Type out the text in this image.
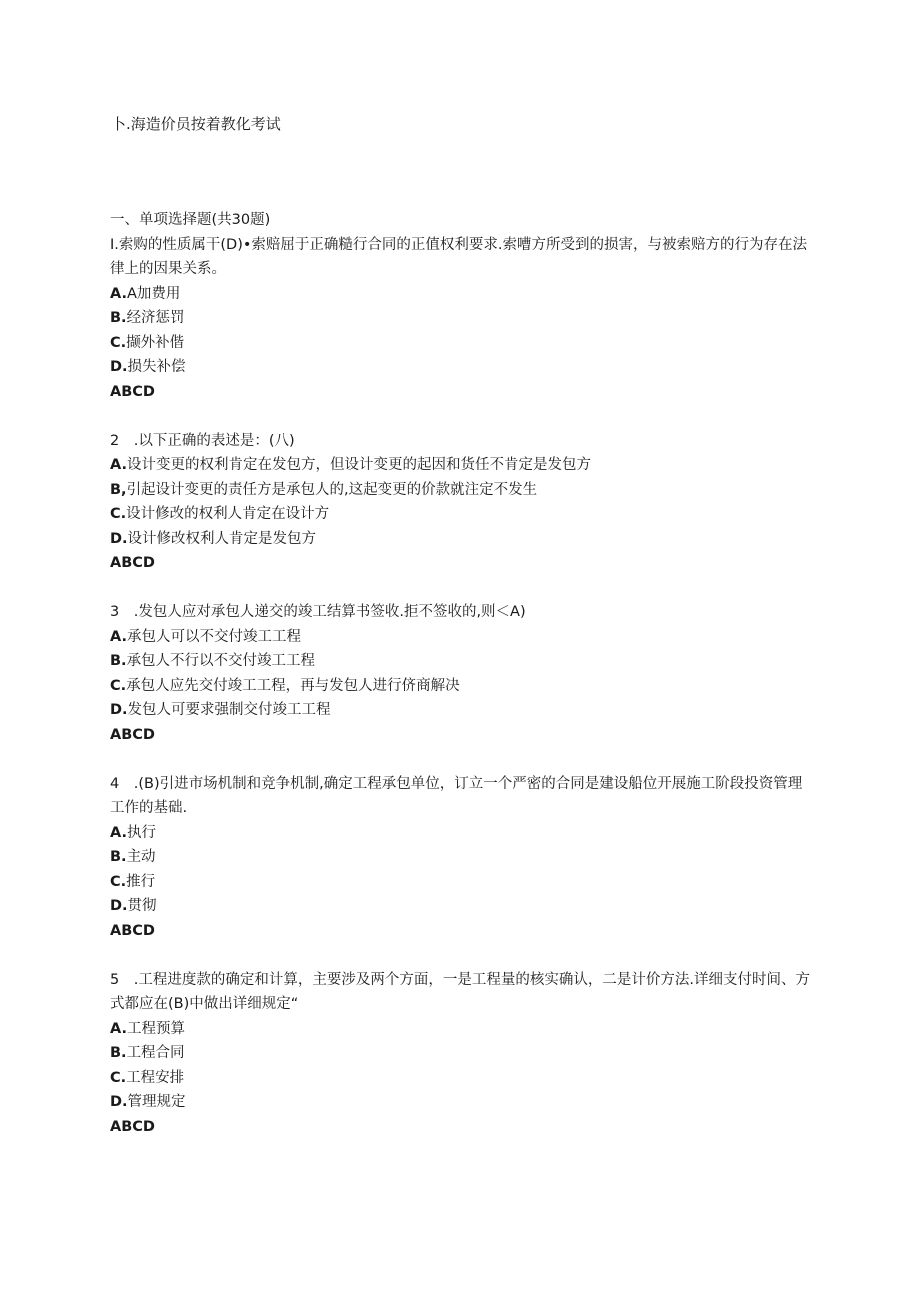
卜.海造价员按着教化考试

一、单项选择题(共30题)

I.索购的性质属干(D)•索赔屈于正确糙行合同的正值权利要求.索嘈方所受到的损害，与被索赔方的行为存在法律上的因果关系。

A.A加费用

B.经济惩罚

C.撷外补偕

D.损失补偿

ABCD

2　.以下正确的表述是：(八)

A.设计变更的权利肯定在发包方，但设计变更的起因和货任不肯定是发包方

B,引起设计变更的责任方是承包人的,这起变更的价款就注定不发生

C.设计修改的权利人肯定在设计方

D.设计修改权利人肯定是发包方

ABCD

3　.发包人应对承包人递交的竣工结算书签收.拒不签收的,则＜A)

A.承包人可以不交付竣工工程

B.承包人不行以不交付竣工工程

C.承包人应先交付竣工工程，再与发包人进行侪商解决

D.发包人可要求强制交付竣工工程

ABCD

4　.(B)引进市场机制和竞争机制,确定工程承包单位，订立一个严密的合同是建设船位开展施工阶段投资管理工作的基础.

A.执行

B.主动

C.推行

D.贯彻

ABCD

5　.工程进度款的确定和计算，主要涉及两个方面，一是工程量的核实确认，二是计价方法.详细支付时间、方式都应在(B)中做出详细规定“

A.工程预算

B.工程合同

C.工程安排

D.管理规定

ABCD
